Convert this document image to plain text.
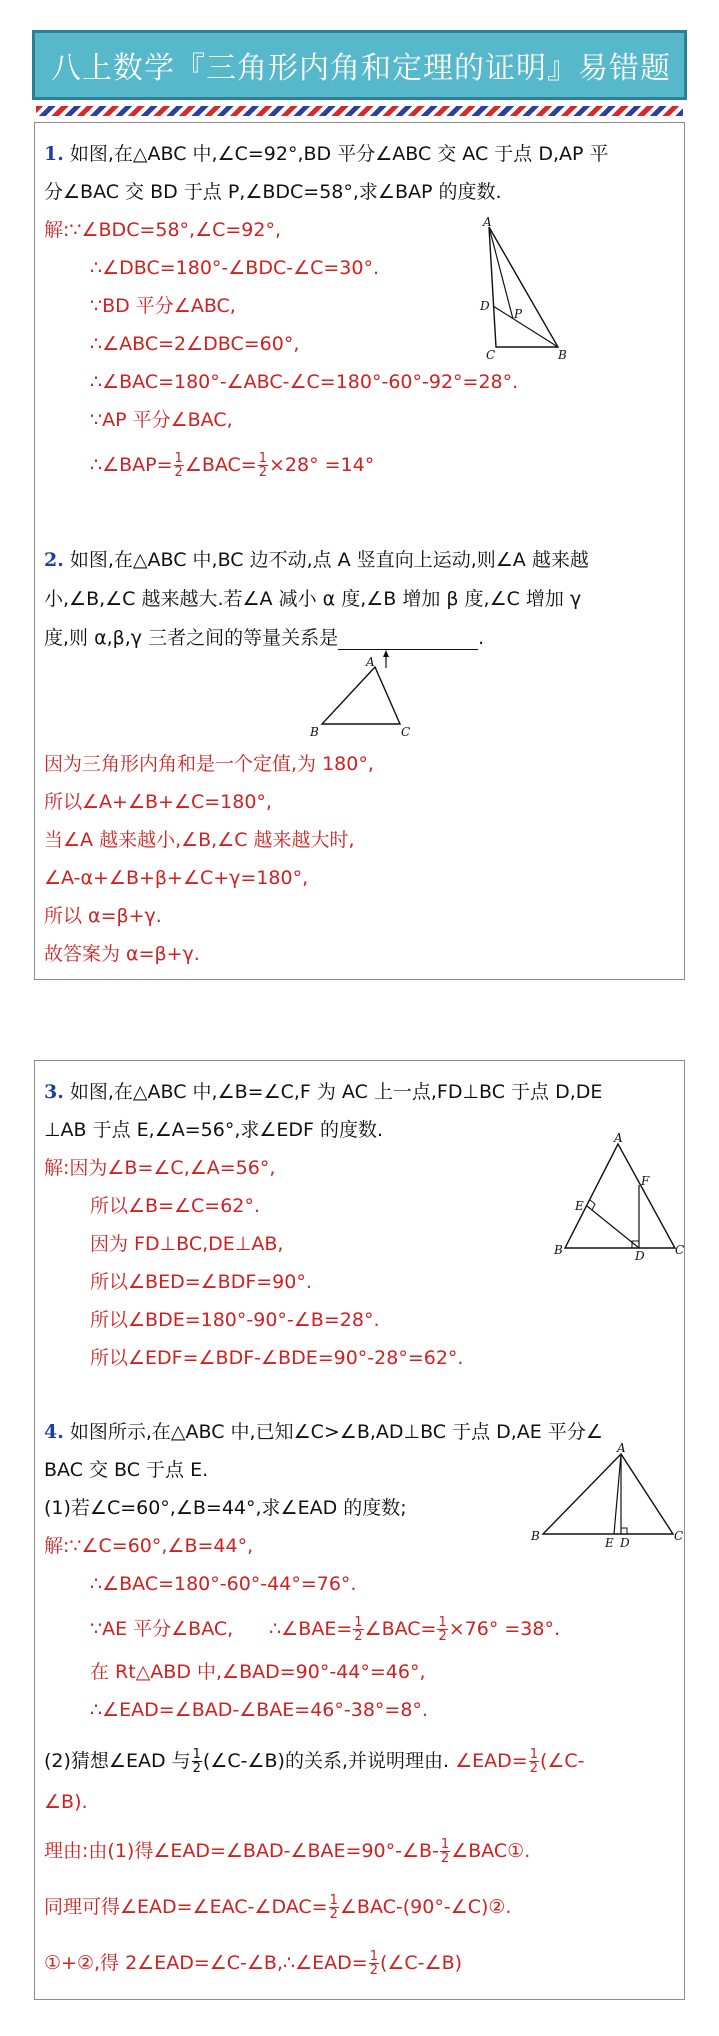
八上数学『三角形内角和定理的证明』易错题
1. 如图,在△ABC 中,∠C=92°,BD 平分∠ABC 交 AC 于点 D,AP 平
分∠BAC 交 BD 于点 P,∠BDC=58°,求∠BAP 的度数.
解:∵∠BDC=58°,∠C=92°,
∴∠DBC=180°-∠BDC-∠C=30°.
∵BD 平分∠ABC,
∴∠ABC=2∠DBC=60°,
∴∠BAC=180°-∠ABC-∠C=180°-60°-92°=28°.
∵AP 平分∠BAC,
∴∠BAP= $\frac{1}{2}$ ∠BAC= $\frac{1}{2} \times 28^\circ =14^\circ$
A
D
P
C	B
2. 如图,在△ABC 中,BC 边不动,点 A 竖直向上运动,则∠A 越来越
小,∠B,∠C 越来越大.若∠A 减小 α 度,∠B 增加 β 度,∠C 增加 γ
度,则 α,β,γ 三者之间的等量关系是	.
A
B	C
因为三角形内角和是一个定值,为 180°,
所以∠A+∠B+∠C=180°,
当∠A 越来越小,∠B,∠C 越来越大时,
∠A-α+∠B+β+∠C+γ=180°,
所以 α=β+γ.
故答案为 α=β+γ.
3. 如图,在△ABC 中,∠B=∠C,F 为 AC 上一点,FD⊥BC 于点 D,DE
⊥AB 于点 E,∠A=56°,求∠EDF 的度数.
解:因为∠B=∠C,∠A=56°,
所以∠B=∠C=62°.
因为 FD⊥BC,DE⊥AB,
所以∠BED=∠BDF=90°.
所以∠BDE=180°-90°-∠B=28°.
所以∠EDF=∠BDF-∠BDE=90°-28°=62°.
A
F
E
B	D	C
4. 如图所示,在△ABC 中,已知∠C>∠B,AD⊥BC 于点 D,AE 平分∠
BAC 交 BC 于点 E.
(1)若∠C=60°,∠B=44°,求∠EAD 的度数;
解:∵∠C=60°,∠B=44°,
∴∠BAC=180°-60°-44°=76°.
∵AE 平分∠BAC, ∴∠BAE= $\frac{1}{2}$ ∠BAC= $\frac{1}{2} \times 76^\circ =38^\circ$.
在 Rt△ABD 中,∠BAD=90°-44°=46°,
∴∠EAD=∠BAD-∠BAE=46°-38°=8°.
(2)猜想∠EAD 与 $\frac{1}{2}$ (∠C-∠B)的关系,并说明理由. ∠EAD= $\frac{1}{2}$ (∠C-
∠B).
理由:由(1)得∠EAD=∠BAD-∠BAE=90°-∠B- $\frac{1}{2}$ ∠BAC①.
同理可得∠EAD=∠EAC-∠DAC= $\frac{1}{2}$ ∠BAC-(90°-∠C)②.
①+②,得 2∠EAD=∠C-∠B,∴∠EAD= $\frac{1}{2}$ (∠C-∠B)
A
B	E D	C
